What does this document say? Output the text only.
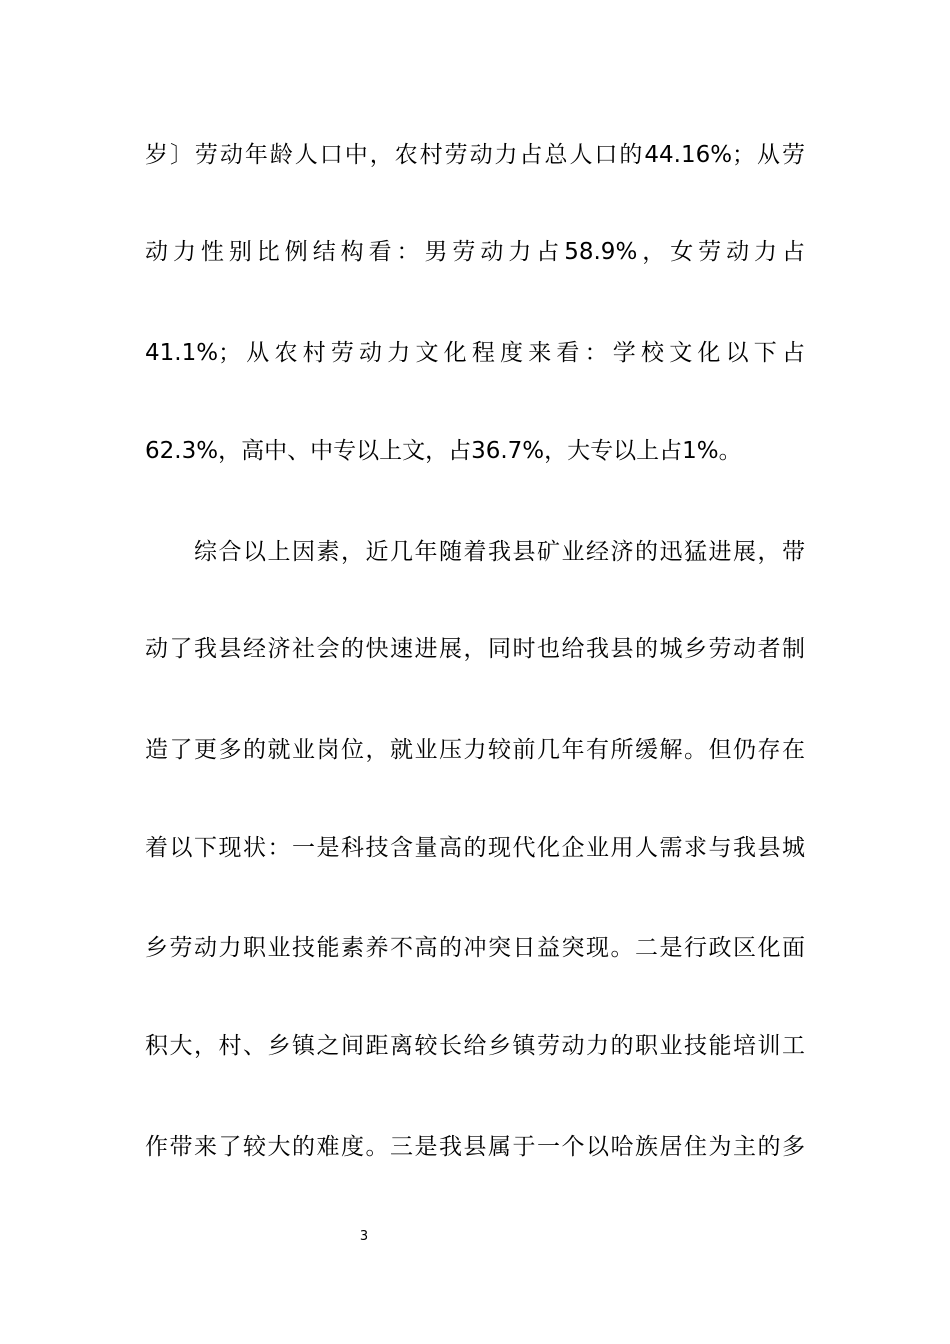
岁〕劳动年龄人口中，农村劳动力占总人口的44.16%；从劳
动力性别比例结构看：男劳动力占58.9%，女劳动力占
41.1%；从农村劳动力文化程度来看：学校文化以下占
62.3%，高中、中专以上文，占36.7%，大专以上占1%。
综合以上因素，近几年随着我县矿业经济的迅猛进展，带
动了我县经济社会的快速进展，同时也给我县的城乡劳动者制
造了更多的就业岗位，就业压力较前几年有所缓解。但仍存在
着以下现状：一是科技含量高的现代化企业用人需求与我县城
乡劳动力职业技能素养不高的冲突日益突现。二是行政区化面
积大，村、乡镇之间距离较长给乡镇劳动力的职业技能培训工
作带来了较大的难度。三是我县属于一个以哈族居住为主的多
3
